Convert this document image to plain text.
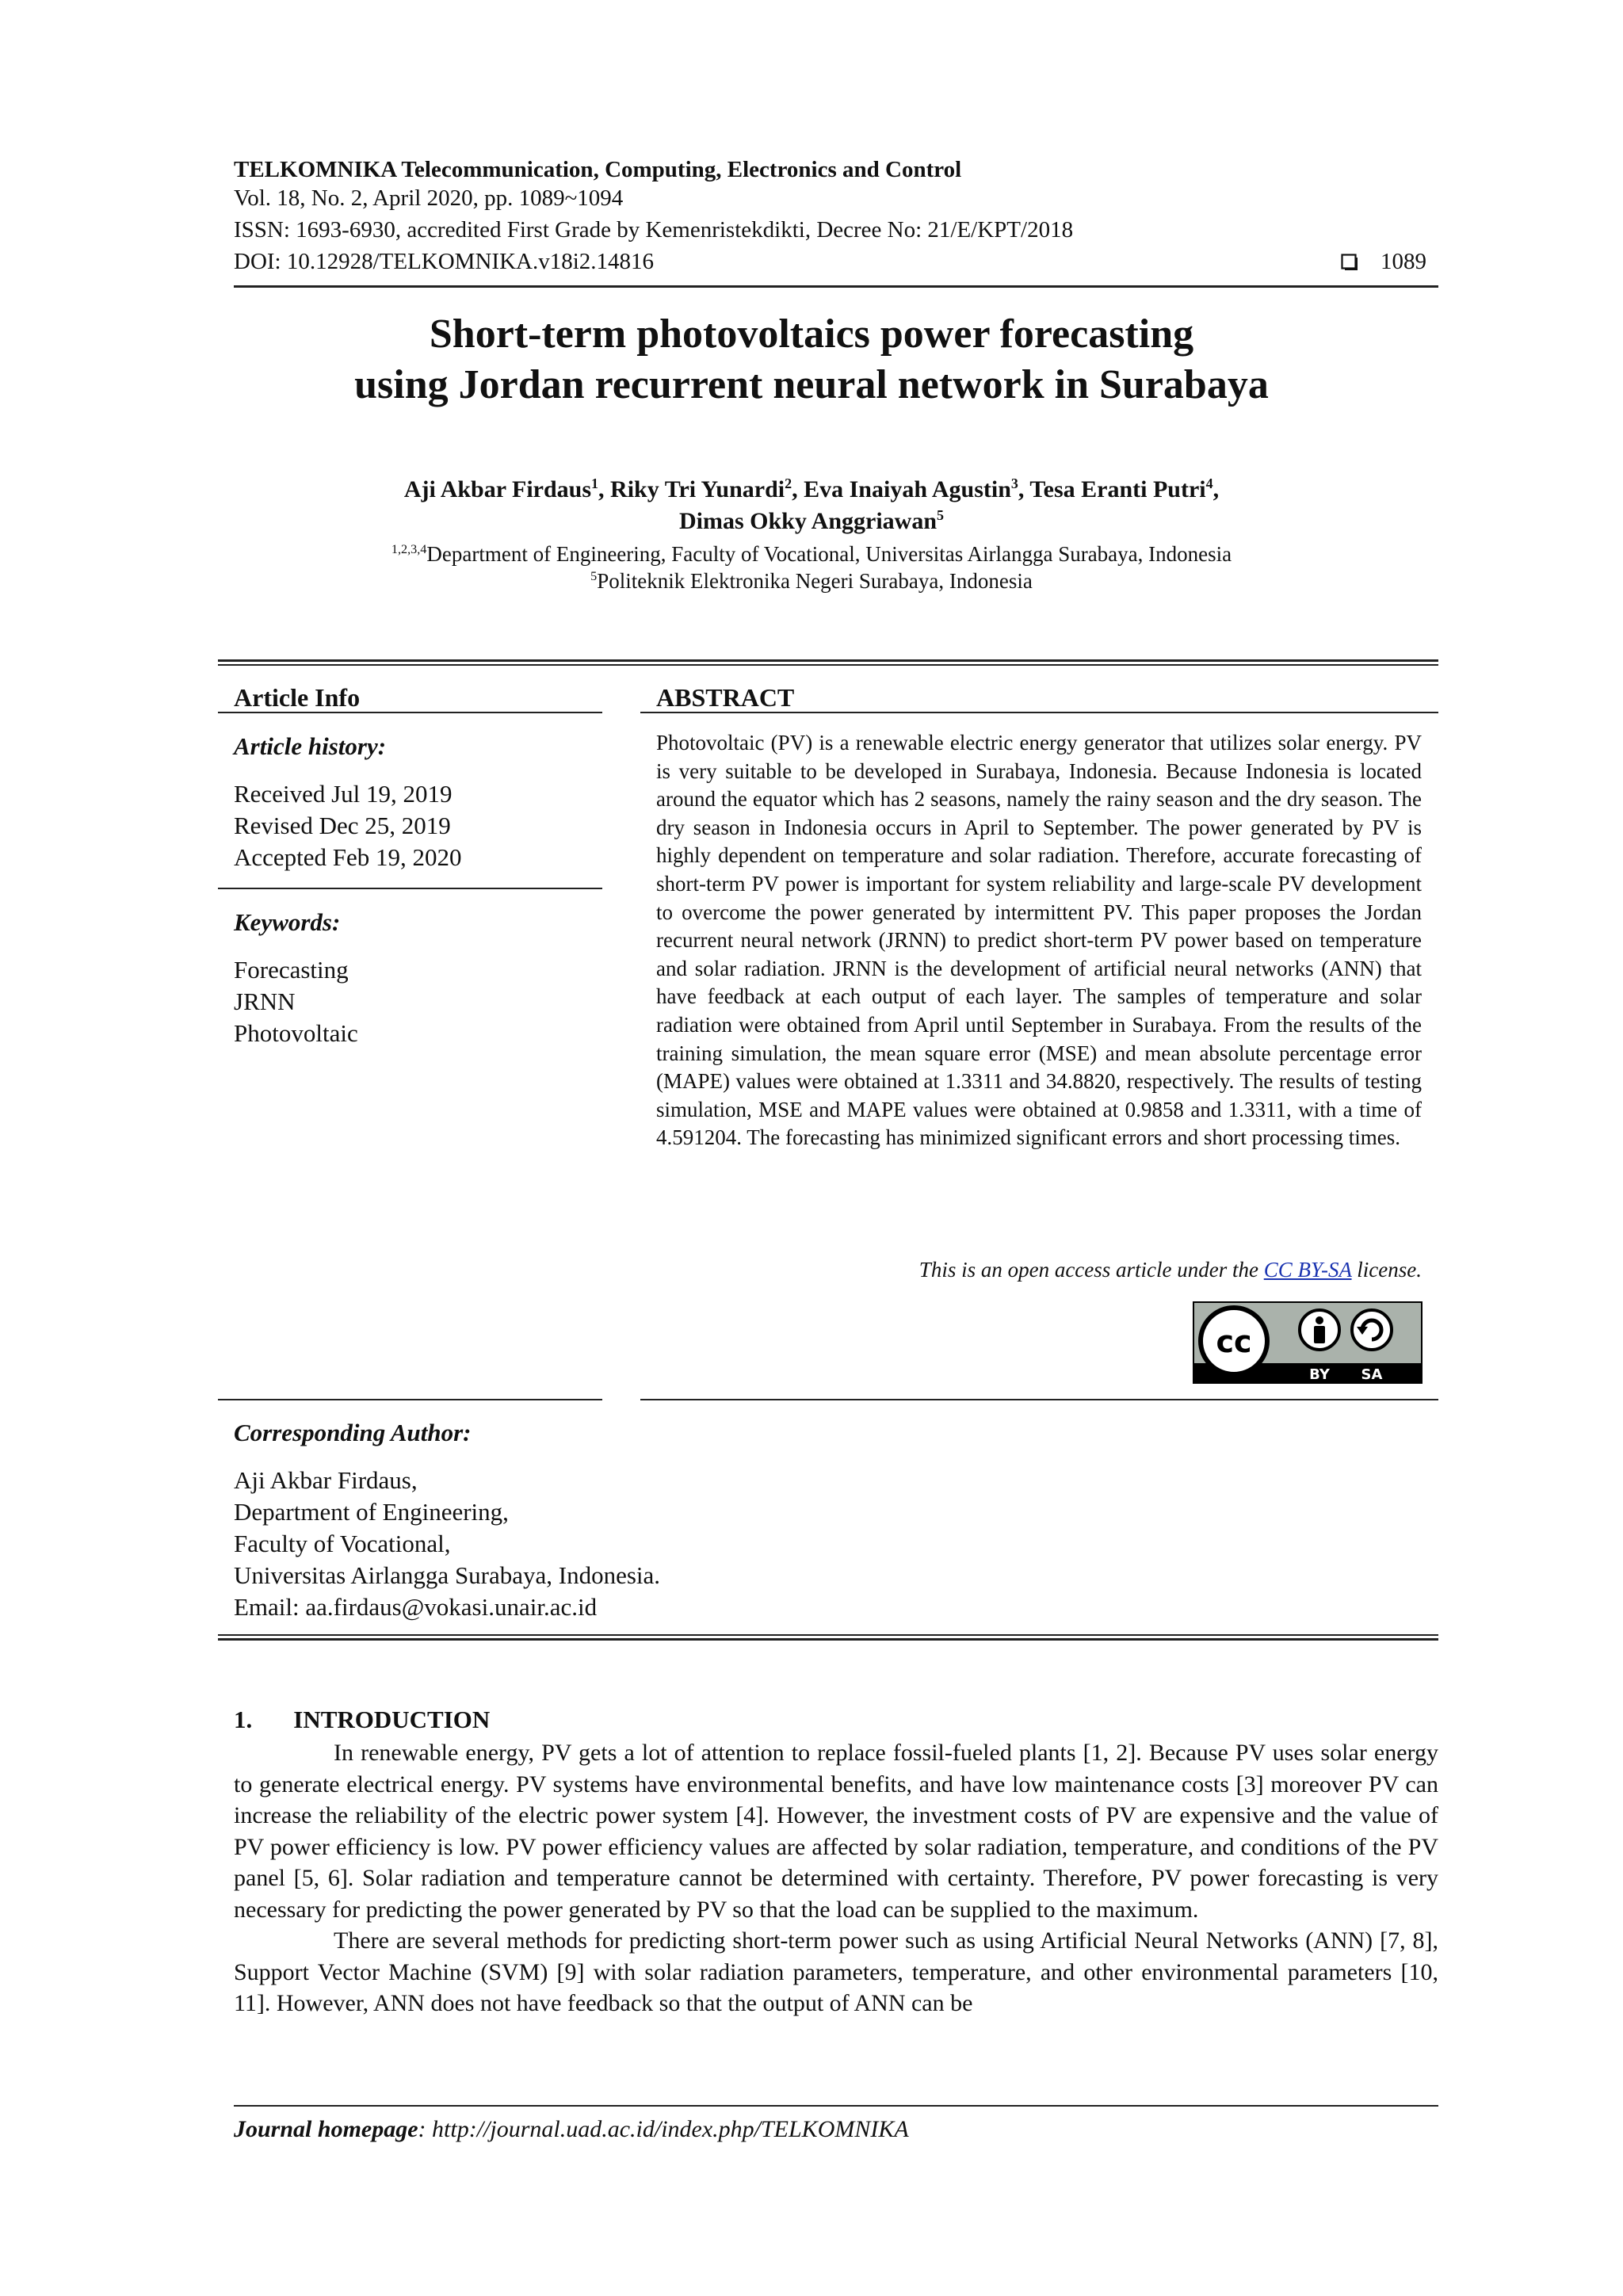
TELKOMNIKA Telecommunication, Computing, Electronics and Control
Vol. 18, No. 2, April 2020, pp. 1089~1094
ISSN: 1693-6930, accredited First Grade by Kemenristekdikti, Decree No: 21/E/KPT/2018
DOI: 10.12928/TELKOMNIKA.v18i2.14816	1089
Short-term photovoltaics power forecasting
using Jordan recurrent neural network in Surabaya
Aji Akbar Firdaus$^1$, Riky Tri Yunardi$^2$, Eva Inaiyah Agustin$^3$, Tesa Eranti Putri$^4$,
Dimas Okky Anggriawan$^5$
$^{1,2,3,4}$Department of Engineering, Faculty of Vocational, Universitas Airlangga Surabaya, Indonesia
$^5$Politeknik Elektronika Negeri Surabaya, Indonesia
Article Info
Article history:
Received Jul 19, 2019
Revised Dec 25, 2019
Accepted Feb 19, 2020
Keywords:
Forecasting
JRNN
Photovoltaic
ABSTRACT
Photovoltaic (PV) is a renewable electric energy generator that utilizes solar energy. PV is very suitable to be developed in Surabaya, Indonesia. Because Indonesia is located around the equator which has 2 seasons, namely the rainy season and the dry season. The dry season in Indonesia occurs in April to September. The power generated by PV is highly dependent on temperature and solar radiation. Therefore, accurate forecasting of short-term PV power is important for system reliability and large-scale PV development to overcome the power generated by intermittent PV. This paper proposes the Jordan recurrent neural network (JRNN) to predict short-term PV power based on temperature and solar radiation. JRNN is the development of artificial neural networks (ANN) that have feedback at each output of each layer. The samples of temperature and solar radiation were obtained from April until September in Surabaya. From the results of the training simulation, the mean square error (MSE) and mean absolute percentage error (MAPE) values were obtained at 1.3311 and 34.8820, respectively. The results of testing simulation, MSE and MAPE values were obtained at 0.9858 and 1.3311, with a time of 4.591204. The forecasting has minimized significant errors and short processing times.
This is an open access article under the CC BY-SA license.
cc
BY SA
Corresponding Author:
Aji Akbar Firdaus,
Department of Engineering,
Faculty of Vocational,
Universitas Airlangga Surabaya, Indonesia.
Email: aa.firdaus@vokasi.unair.ac.id
1. INTRODUCTION

In renewable energy, PV gets a lot of attention to replace fossil-fueled plants [1, 2]. Because PV uses solar energy to generate electrical energy. PV systems have environmental benefits, and have low maintenance costs [3] moreover PV can increase the reliability of the electric power system [4]. However, the investment costs of PV are expensive and the value of PV power efficiency is low. PV power efficiency values are affected by solar radiation, temperature, and conditions of the PV panel [5, 6]. Solar radiation and temperature cannot be determined with certainty. Therefore, PV power forecasting is very necessary for predicting the power generated by PV so that the load can be supplied to the maximum.

There are several methods for predicting short-term power such as using Artificial Neural Networks (ANN) [7, 8], Support Vector Machine (SVM) [9] with solar radiation parameters, temperature, and other environmental parameters [10, 11]. However, ANN does not have feedback so that the output of ANN can be

Journal homepage: http://journal.uad.ac.id/index.php/TELKOMNIKA
